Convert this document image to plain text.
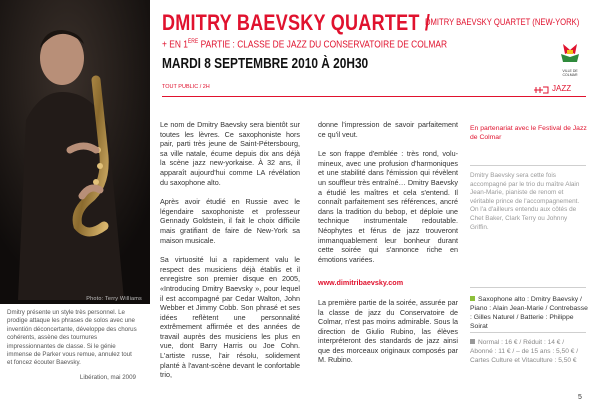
Photo: Terry Williams
Dmitry présente un style très personnel. Le prodige attaque les phrases de solos avec une inventión déconcertante, développe des chorus cohérents, assène des tournures impressionnantes de classe. Si le génie immense de Parker vous remue, annulez tout et foncez écouter Baevsky.
Libération, mai 2009
DMITRY BAEVSKY QUARTET /
DMITRY BAEVSKY QUARTET (NEW-YORK)
+ EN 1ÈRE PARTIE : CLASSE DE JAZZ DU CONSERVATOIRE DE COLMAR
MARDI 8 SEPTEMBRE 2010 À 20H30	VILLE DE COLMAR
TOUT PUBLIC / 2H	JAZZ

Le nom de Dmitry Baevsky sera bientôt sur toutes les lèvres. Ce saxophoniste hors pair, parti très jeune de Saint-Pétersbourg, sa ville natale, écume depuis dix ans déjà la scène jazz new-yorkaise. À 32 ans, il apparaît aujourd'hui comme LA révélation du saxophone alto.

Après avoir étudié en Russie avec le légendaire saxophoniste et professeur Gennady Goldstein, il fait le choix difficile mais gratifiant de faire de New-York sa maison musicale.

Sa virtuosité lui a rapidement valu le respect des musiciens déjà établis et il enregistre son premier disque en 2005, «Introducing Dmitry Baevsky », pour lequel il est accompagné par Cedar Walton, John Webber et Jimmy Cobb. Son phrasé et ses idées reflètent une personnalité extrêmement affirmée et des années de travail auprès des musiciens les plus en vue, dont Barry Harris ou Joe Cohn. L'artiste russe, l'air résolu, solidement planté à l'avant-scène devant le confortable trio,

donne l'impression de savoir parfaitement ce qu'il veut.

Le son frappe d'emblée : très rond, volu-mineux, avec une profusion d'harmoniques et une stabilité dans l'émission qui révèlent un souffleur très entraîné… Dmitry Baevsky a étudié les maîtres et cela s'entend. Il connaît parfaitement ses références, ancré dans la tradition du bebop, et déploie une technique instrumentale redoutable. Néophytes et férus de jazz trouveront immanquablement leur bonheur durant cette soirée qui s'annonce riche en émotions variées.

www.dimitribaevsky.com

La première partie de la soirée, assurée par la classe de jazz du Conservatoire de Colmar, n'est pas moins admirable. Sous la direction de Giulio Rubino, las élèves interpréteront des standards de jazz ainsi que des morceaux originaux composés par M. Rubino.

En partenariat avec le Festival de Jazz de Colmar
Dmitry Baevsky sera cette fois accompagné par le trio du maître Alain Jean-Marie, pianiste de renom et véritable prince de l'accompagnement. On l'a d'ailleurs entendu aux côtés de Chet Baker, Clark Terry ou Johnny Griffin.
Saxophone alto : Dmitry Baevsky / Piano : Alain Jean-Marie / Contrebasse : Gilles Naturel / Batterie : Philippe Soirat
Normal : 16 € / Réduit : 14 € / Abonné : 11 € / – de 15 ans : 5,50 € / Cartes Culture et Vitaculture : 5,50 €
5
